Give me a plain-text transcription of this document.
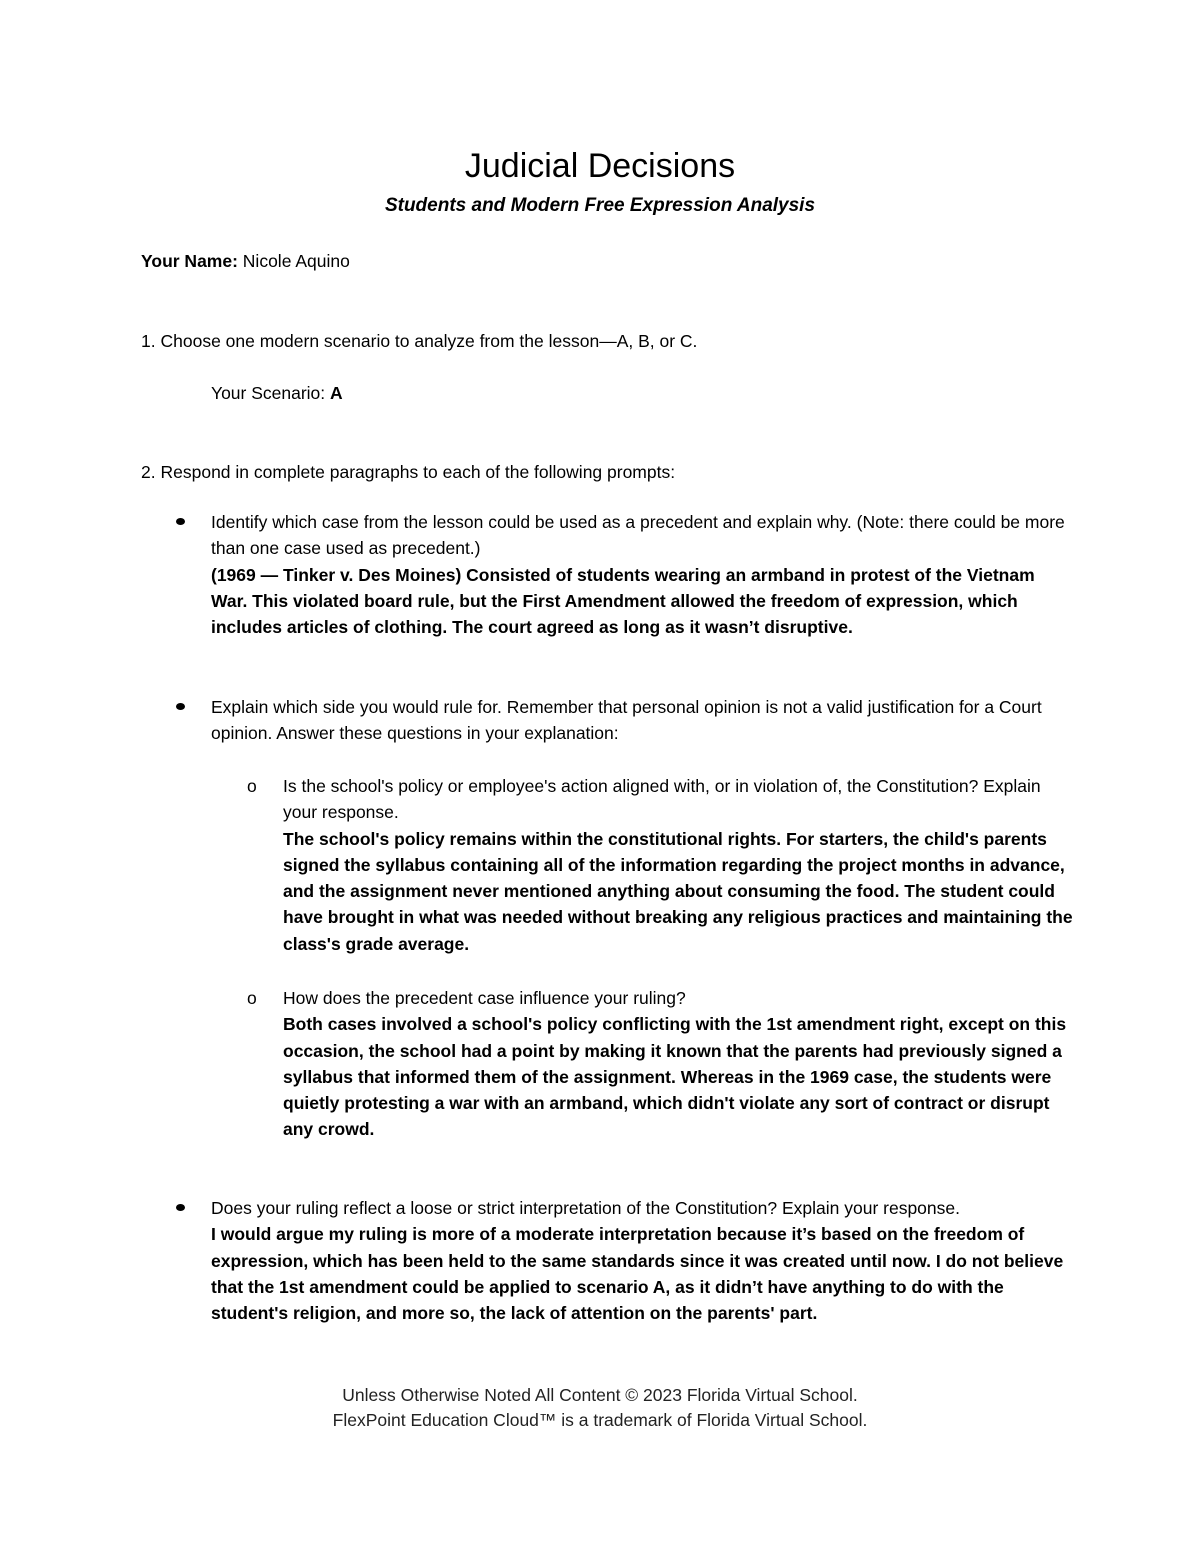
Judicial Decisions
Students and Modern Free Expression Analysis

Your Name: Nicole Aquino

1. Choose one modern scenario to analyze from the lesson—A, B, or C.

Your Scenario: A

2. Respond in complete paragraphs to each of the following prompts:

Identify which case from the lesson could be used as a precedent and explain why. (Note: there could be more than one case used as precedent.)
(1969 — Tinker v. Des Moines) Consisted of students wearing an armband in protest of the Vietnam War. This violated board rule, but the First Amendment allowed the freedom of expression, which includes articles of clothing. The court agreed as long as it wasn’t disruptive.
Explain which side you would rule for. Remember that personal opinion is not a valid justification for a Court opinion. Answer these questions in your explanation:
o Is the school's policy or employee's action aligned with, or in violation of, the Constitution? Explain your response.
The school's policy remains within the constitutional rights. For starters, the child's parents signed the syllabus containing all of the information regarding the project months in advance, and the assignment never mentioned anything about consuming the food. The student could have brought in what was needed without breaking any religious practices and maintaining the class's grade average.
o How does the precedent case influence your ruling?
Both cases involved a school's policy conflicting with the 1st amendment right, except on this occasion, the school had a point by making it known that the parents had previously signed a syllabus that informed them of the assignment. Whereas in the 1969 case, the students were quietly protesting a war with an armband, which didn't violate any sort of contract or disrupt any crowd.
Does your ruling reflect a loose or strict interpretation of the Constitution? Explain your response.
I would argue my ruling is more of a moderate interpretation because it’s based on the freedom of expression, which has been held to the same standards since it was created until now. I do not believe that the 1st amendment could be applied to scenario A, as it didn’t have anything to do with the student's religion, and more so, the lack of attention on the parents' part.

Unless Otherwise Noted All Content © 2023 Florida Virtual School.

FlexPoint Education Cloud™ is a trademark of Florida Virtual School.
